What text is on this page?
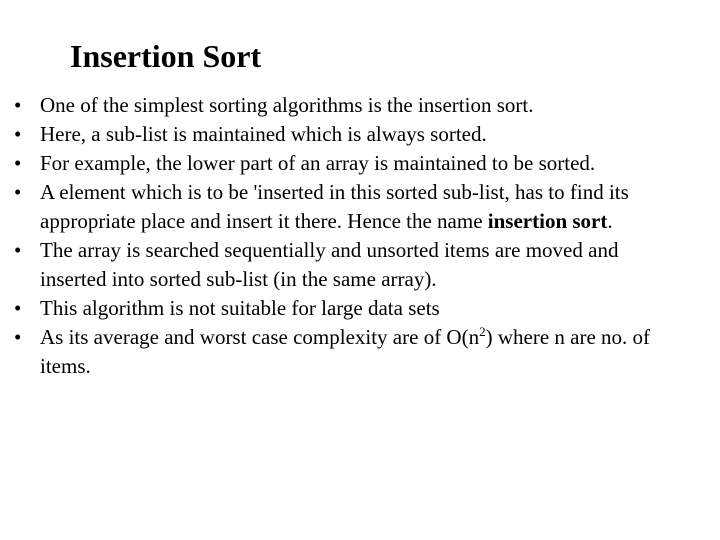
Insertion Sort
• One of the simplest sorting algorithms is the insertion sort.
• Here, a sub-list is maintained which is always sorted.
• For example, the lower part of an array is maintained to be sorted.
• A element which is to be 'inserted in this sorted sub-list, has to find its appropriate place and insert it there. Hence the name insertion sort.
• The array is searched sequentially and unsorted items are moved and inserted into sorted sub-list (in the same array).
• This algorithm is not suitable for large data sets
• As its average and worst case complexity are of $O(n^2)$ where n are no. of items.
